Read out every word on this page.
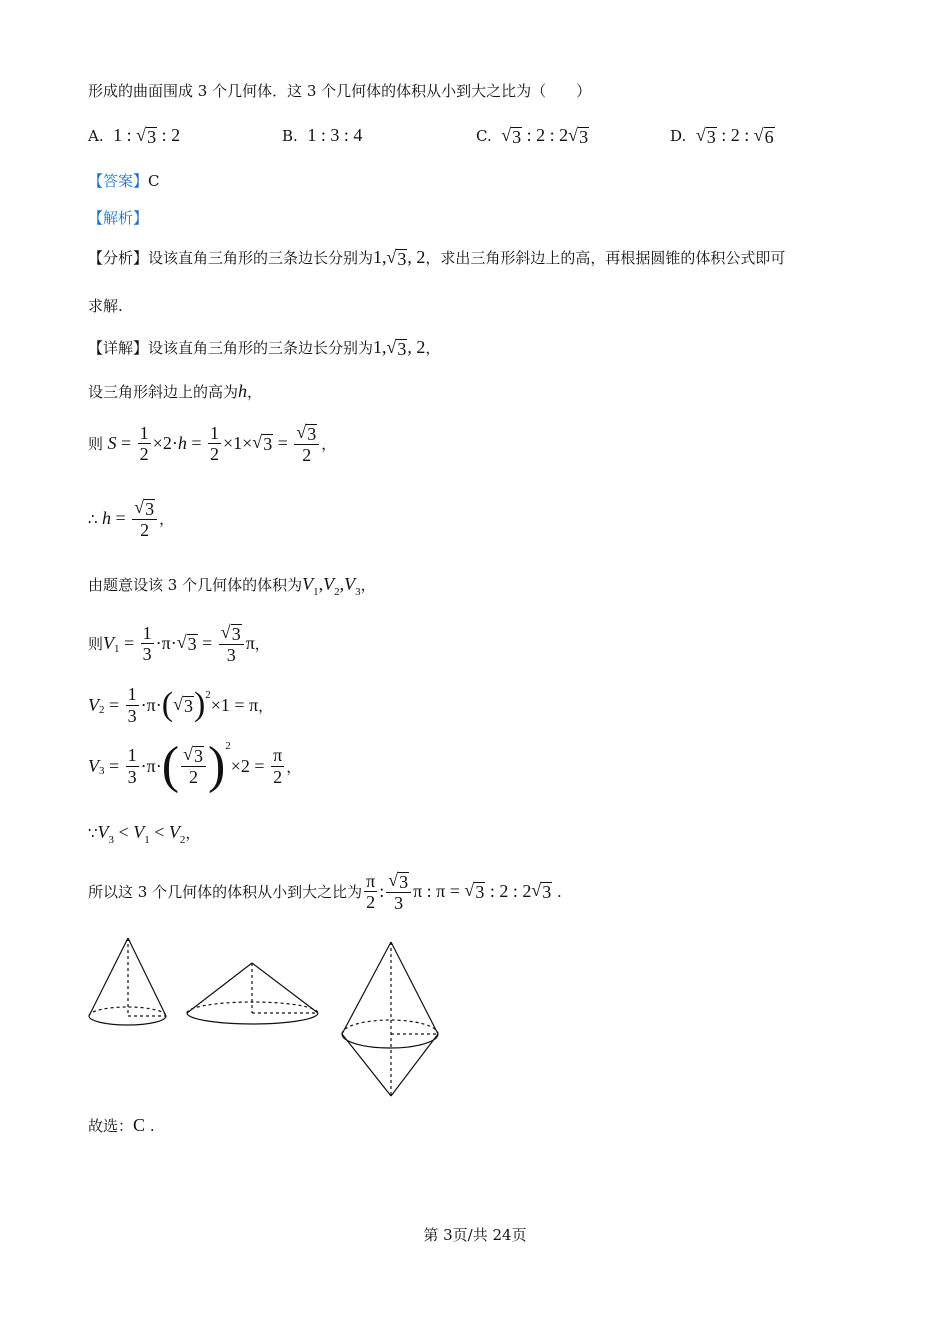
形成的曲面围成 3 个几何体．这 3 个几何体的体积从小到大之比为（　　）
A.
1 : √ 3 : 2	B.
1 : 3 : 4	C.
√ 3 : 2 : 2 √ 3	D.
√ 3 : 2 : √ 6
【答案】 C
【解析】
【分析】 设该直角三角形的三条边长分别为 1, √ 3 , 2 ，求出三角形斜边上的高，再根据圆锥的体积公式即可
求解.
【详解】 设该直角三角形的三条边长分别为 1, √ 3 , 2 ，
设三角形斜边上的高为 h ，
则
$S = \frac{1}{2} \times 2\cdot h = \frac{1}{2} \times 1\times$ √ $3 = \frac{√ 3}{2}$ ，
∴
$h = \frac{√ 3}{2}$ ，
由题意设该 3 个几何体的体积为 $V_1,V_2,V_3$ ，
则 V $1 = \frac{1}{3} \cdot\pi\cdot$ √ $3 = \frac{√ 3}{3}$ π ，
V $2 = \frac{1}{3} \cdot\pi\cdot$ ( √ 3 ) 2 ×1 = π ，
V $3 = \frac{1}{3} \cdot\pi\cdot$ ( $\frac{√ 3}{2}$ ) 2
$\times 2 = \frac{\pi}{2}$ ，
∵ $V_3 < V_1 < V_2$ ，
所以这 3 个几何体的体积从小到大之比为 $\frac{\pi}{2}$ : $\frac{√ 3}{3}$ π : π = √ 3 : 2 : 2 √ 3
.
故选： C
.
第 3页/共 24页
